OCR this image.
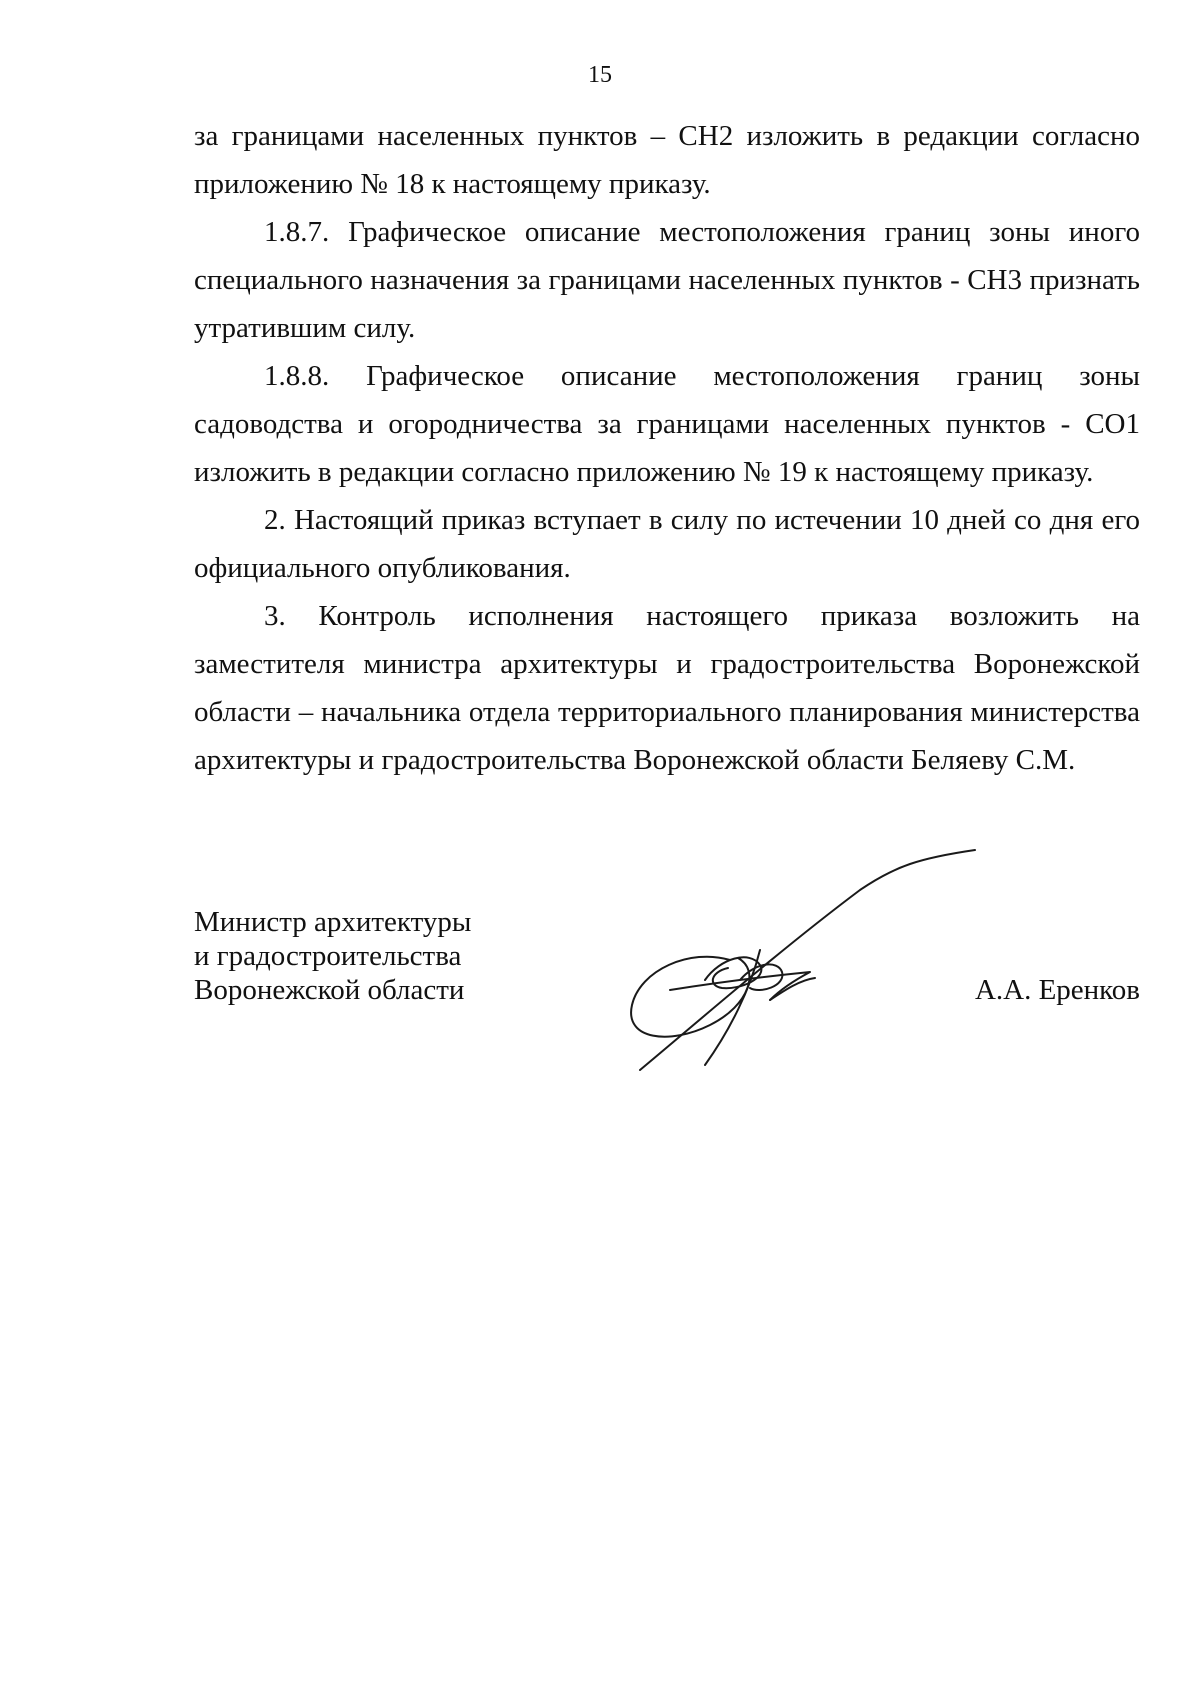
15

за границами населенных пунктов – СН2 изложить в редакции согласно приложению № 18 к настоящему приказу.

1.8.7. Графическое описание местоположения границ зоны иного специального назначения за границами населенных пунктов - СН3 признать утратившим силу.

1.8.8. Графическое описание местоположения границ зоны садоводства и огородничества за границами населенных пунктов - СО1 изложить в редакции согласно приложению № 19 к настоящему приказу.

2. Настоящий приказ вступает в силу по истечении 10 дней со дня его официального опубликования.

3. Контроль исполнения настоящего приказа возложить на заместителя министра архитектуры и градостроительства Воронежской области – начальника отдела территориального планирования министерства архитектуры и градостроительства Воронежской области Беляеву С.М.

Министр архитектуры
и градостроительства
Воронежской области	А.А. Еренков
